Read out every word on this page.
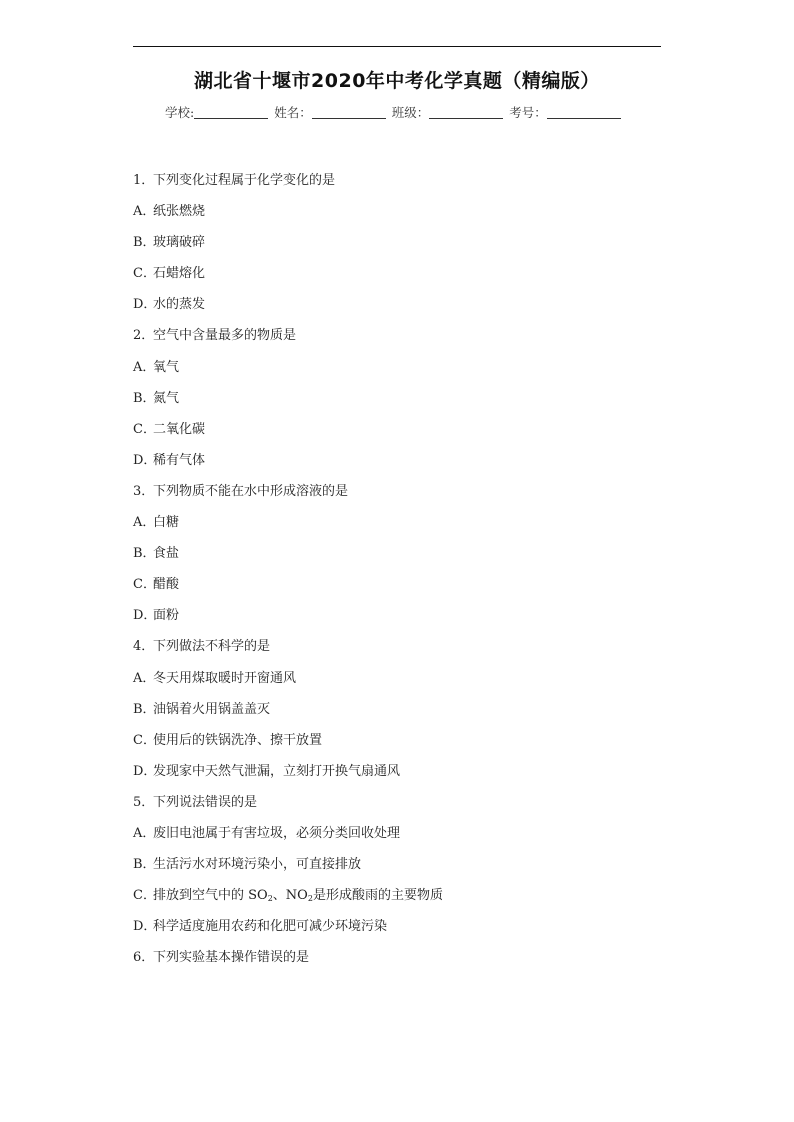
湖北省十堰市2020年中考化学真题（精编版）
学校:	姓名：	班级：	考号：
1．下列变化过程属于化学变化的是
A．纸张燃烧
B．玻璃破碎
C．石蜡熔化
D．水的蒸发
2．空气中含量最多的物质是
A．氧气
B．氮气
C．二氧化碳
D．稀有气体
3．下列物质不能在水中形成溶液的是
A．白糖
B．食盐
C．醋酸
D．面粉
4．下列做法不科学的是
A．冬天用煤取暖时开窗通风
B．油锅着火用锅盖盖灭
C．使用后的铁锅洗净、擦干放置
D．发现家中天然气泄漏，立刻打开换气扇通风
5．下列说法错误的是
A．废旧电池属于有害垃圾，必须分类回收处理
B．生活污水对环境污染小，可直接排放
C．排放到空气中的 $SO_2$、$NO_2$是形成酸雨的主要物质
D．科学适度施用农药和化肥可减少环境污染
6．下列实验基本操作错误的是
